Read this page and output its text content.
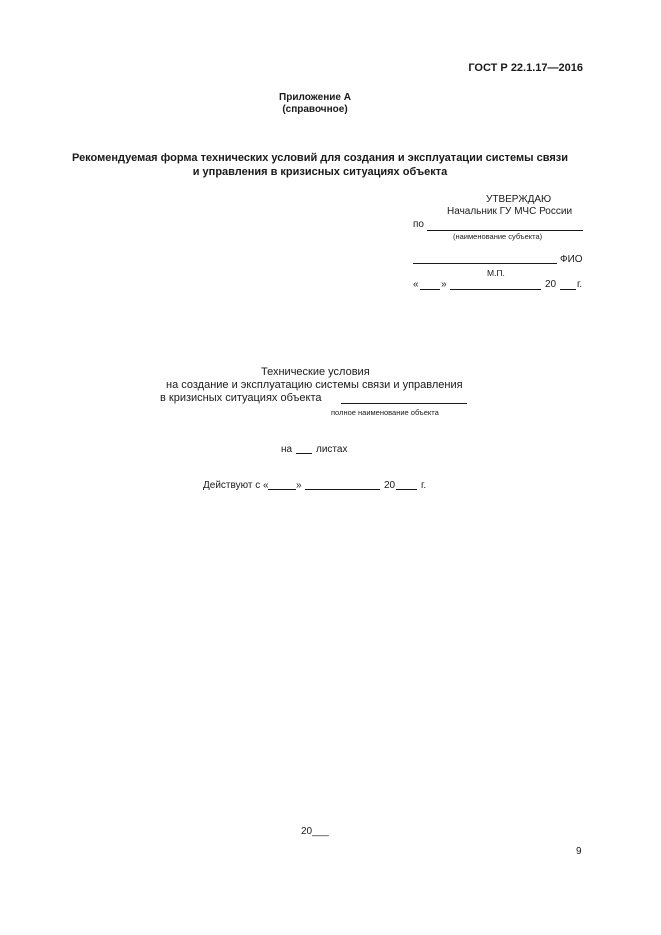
ГОСТ Р 22.1.17—2016
Приложение А
(справочное)
Рекомендуемая форма технических условий для создания и эксплуатации системы связи
и управления в кризисных ситуациях объекта
УТВЕРЖДАЮ
Начальник ГУ МЧС России
по
(наименование субъекта)
ФИО
М.П.
« »	20 г.
Технические условия
на создание и эксплуатацию системы связи и управления
в кризисных ситуациях объекта
полное наименование объекта
на листах
Действуют с «	»	20	г.
20___
9
